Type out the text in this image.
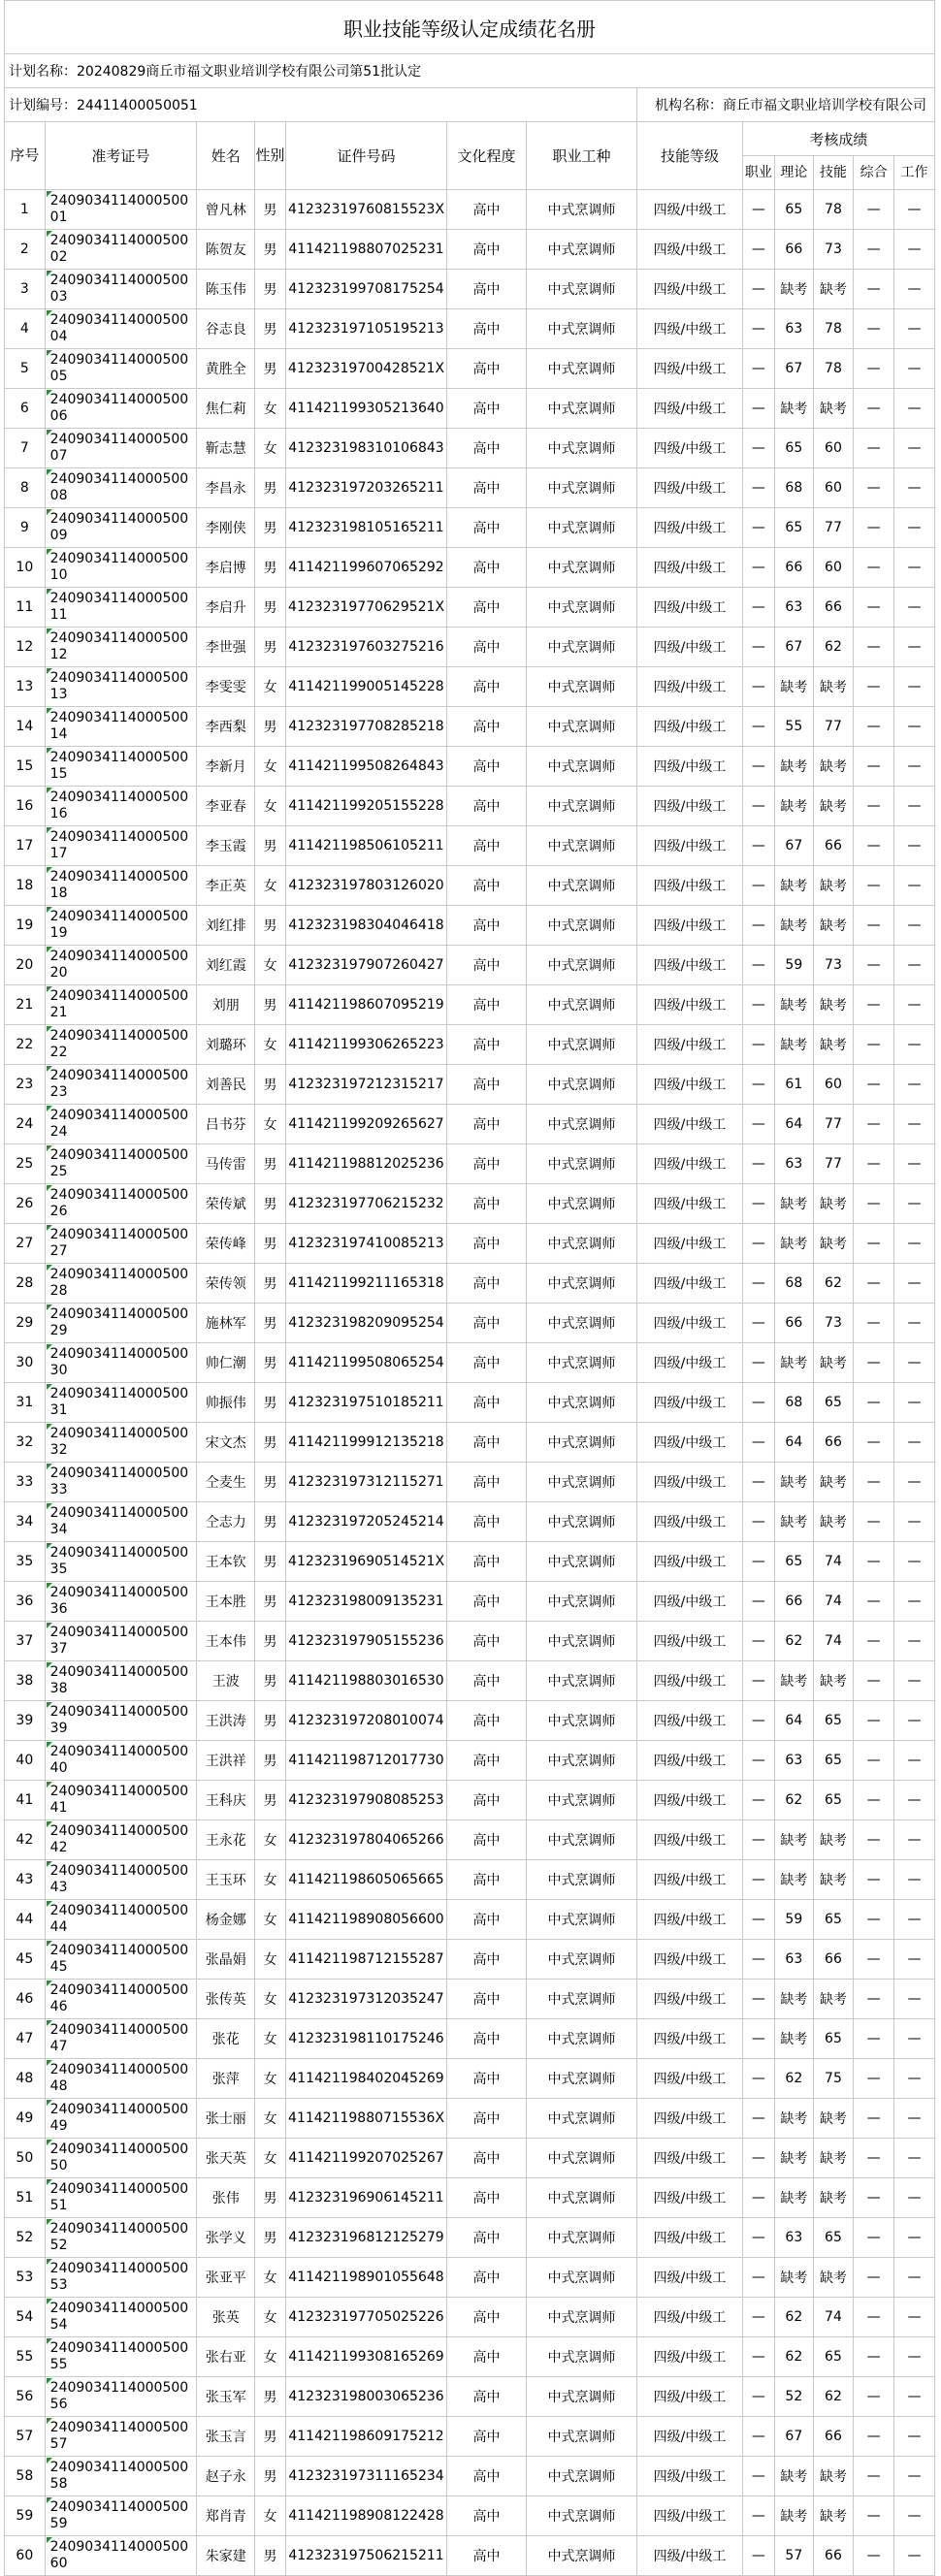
职业技能等级认定成绩花名册												
计划名称：20240829商丘市福文职业培训学校有限公司第51批认定												
计划编号：24411400050051							机构名称：商丘市福文职业培训学校有限公司					
序号	准考证号	姓名	性别	证件号码	文化程度	职业工种	技能等级	考核成绩				
								职业	理论	技能	综合	工作
1	240903411400050001	曾凡林	男	41232319760815523X	高中	中式烹调师	四级/中级工	—	65	78	—	—
2	240903411400050002	陈贺友	男	411421198807025231	高中	中式烹调师	四级/中级工	—	66	73	—	—
3	240903411400050003	陈玉伟	男	412323199708175254	高中	中式烹调师	四级/中级工	—	缺考	缺考	—	—
4	240903411400050004	谷志良	男	412323197105195213	高中	中式烹调师	四级/中级工	—	63	78	—	—
5	240903411400050005	黄胜全	男	41232319700428521X	高中	中式烹调师	四级/中级工	—	67	78	—	—
6	240903411400050006	焦仁莉	女	411421199305213640	高中	中式烹调师	四级/中级工	—	缺考	缺考	—	—
7	240903411400050007	靳志慧	女	412323198310106843	高中	中式烹调师	四级/中级工	—	65	60	—	—
8	240903411400050008	李昌永	男	412323197203265211	高中	中式烹调师	四级/中级工	—	68	60	—	—
9	240903411400050009	李刚侠	男	412323198105165211	高中	中式烹调师	四级/中级工	—	65	77	—	—
10	240903411400050010	李启博	男	411421199607065292	高中	中式烹调师	四级/中级工	—	66	60	—	—
11	240903411400050011	李启升	男	41232319770629521X	高中	中式烹调师	四级/中级工	—	63	66	—	—
12	240903411400050012	李世强	男	412323197603275216	高中	中式烹调师	四级/中级工	—	67	62	—	—
13	240903411400050013	李雯雯	女	411421199005145228	高中	中式烹调师	四级/中级工	—	缺考	缺考	—	—
14	240903411400050014	李西梨	男	412323197708285218	高中	中式烹调师	四级/中级工	—	55	77	—	—
15	240903411400050015	李新月	女	411421199508264843	高中	中式烹调师	四级/中级工	—	缺考	缺考	—	—
16	240903411400050016	李亚春	女	411421199205155228	高中	中式烹调师	四级/中级工	—	缺考	缺考	—	—
17	240903411400050017	李玉霞	男	411421198506105211	高中	中式烹调师	四级/中级工	—	67	66	—	—
18	240903411400050018	李正英	女	412323197803126020	高中	中式烹调师	四级/中级工	—	缺考	缺考	—	—
19	240903411400050019	刘红排	男	412323198304046418	高中	中式烹调师	四级/中级工	—	缺考	缺考	—	—
20	240903411400050020	刘红霞	女	412323197907260427	高中	中式烹调师	四级/中级工	—	59	73	—	—
21	240903411400050021	刘朋	男	411421198607095219	高中	中式烹调师	四级/中级工	—	缺考	缺考	—	—
22	240903411400050022	刘璐环	女	411421199306265223	高中	中式烹调师	四级/中级工	—	缺考	缺考	—	—
23	240903411400050023	刘善民	男	412323197212315217	高中	中式烹调师	四级/中级工	—	61	60	—	—
24	240903411400050024	吕书芬	女	411421199209265627	高中	中式烹调师	四级/中级工	—	64	77	—	—
25	240903411400050025	马传雷	男	411421198812025236	高中	中式烹调师	四级/中级工	—	63	77	—	—
26	240903411400050026	荣传斌	男	412323197706215232	高中	中式烹调师	四级/中级工	—	缺考	缺考	—	—
27	240903411400050027	荣传峰	男	412323197410085213	高中	中式烹调师	四级/中级工	—	缺考	缺考	—	—
28	240903411400050028	荣传领	男	411421199211165318	高中	中式烹调师	四级/中级工	—	68	62	—	—
29	240903411400050029	施林军	男	412323198209095254	高中	中式烹调师	四级/中级工	—	66	73	—	—
30	240903411400050030	帅仁潮	男	411421199508065254	高中	中式烹调师	四级/中级工	—	缺考	缺考	—	—
31	240903411400050031	帅振伟	男	412323197510185211	高中	中式烹调师	四级/中级工	—	68	65	—	—
32	240903411400050032	宋文杰	男	411421199912135218	高中	中式烹调师	四级/中级工	—	64	66	—	—
33	240903411400050033	仝麦生	男	412323197312115271	高中	中式烹调师	四级/中级工	—	缺考	缺考	—	—
34	240903411400050034	仝志力	男	412323197205245214	高中	中式烹调师	四级/中级工	—	缺考	缺考	—	—
35	240903411400050035	王本钦	男	41232319690514521X	高中	中式烹调师	四级/中级工	—	65	74	—	—
36	240903411400050036	王本胜	男	412323198009135231	高中	中式烹调师	四级/中级工	—	66	74	—	—
37	240903411400050037	王本伟	男	412323197905155236	高中	中式烹调师	四级/中级工	—	62	74	—	—
38	240903411400050038	王波	男	411421198803016530	高中	中式烹调师	四级/中级工	—	缺考	缺考	—	—
39	240903411400050039	王洪涛	男	412323197208010074	高中	中式烹调师	四级/中级工	—	64	65	—	—
40	240903411400050040	王洪祥	男	411421198712017730	高中	中式烹调师	四级/中级工	—	63	65	—	—
41	240903411400050041	王科庆	男	412323197908085253	高中	中式烹调师	四级/中级工	—	62	65	—	—
42	240903411400050042	王永花	女	412323197804065266	高中	中式烹调师	四级/中级工	—	缺考	缺考	—	—
43	240903411400050043	王玉环	女	411421198605065665	高中	中式烹调师	四级/中级工	—	缺考	缺考	—	—
44	240903411400050044	杨金娜	女	411421198908056600	高中	中式烹调师	四级/中级工	—	59	65	—	—
45	240903411400050045	张晶娟	女	411421198712155287	高中	中式烹调师	四级/中级工	—	63	66	—	—
46	240903411400050046	张传英	女	412323197312035247	高中	中式烹调师	四级/中级工	—	缺考	缺考	—	—
47	240903411400050047	张花	女	412323198110175246	高中	中式烹调师	四级/中级工	—	缺考	65	—	—
48	240903411400050048	张萍	女	411421198402045269	高中	中式烹调师	四级/中级工	—	62	75	—	—
49	240903411400050049	张士丽	女	41142119880715536X	高中	中式烹调师	四级/中级工	—	缺考	缺考	—	—
50	240903411400050050	张天英	女	411421199207025267	高中	中式烹调师	四级/中级工	—	缺考	缺考	—	—
51	240903411400050051	张伟	男	412323196906145211	高中	中式烹调师	四级/中级工	—	缺考	缺考	—	—
52	240903411400050052	张学义	男	412323196812125279	高中	中式烹调师	四级/中级工	—	63	65	—	—
53	240903411400050053	张亚平	女	411421198901055648	高中	中式烹调师	四级/中级工	—	缺考	缺考	—	—
54	240903411400050054	张英	女	412323197705025226	高中	中式烹调师	四级/中级工	—	62	74	—	—
55	240903411400050055	张右亚	女	411421199308165269	高中	中式烹调师	四级/中级工	—	62	65	—	—
56	240903411400050056	张玉军	男	412323198003065236	高中	中式烹调师	四级/中级工	—	52	62	—	—
57	240903411400050057	张玉言	男	411421198609175212	高中	中式烹调师	四级/中级工	—	67	66	—	—
58	240903411400050058	赵子永	男	412323197311165234	高中	中式烹调师	四级/中级工	—	缺考	缺考	—	—
59	240903411400050059	郑肖青	女	411421198908122428	高中	中式烹调师	四级/中级工	—	缺考	缺考	—	—
60	240903411400050060	朱家建	男	412323197506215211	高中	中式烹调师	四级/中级工	—	57	66	—	—
